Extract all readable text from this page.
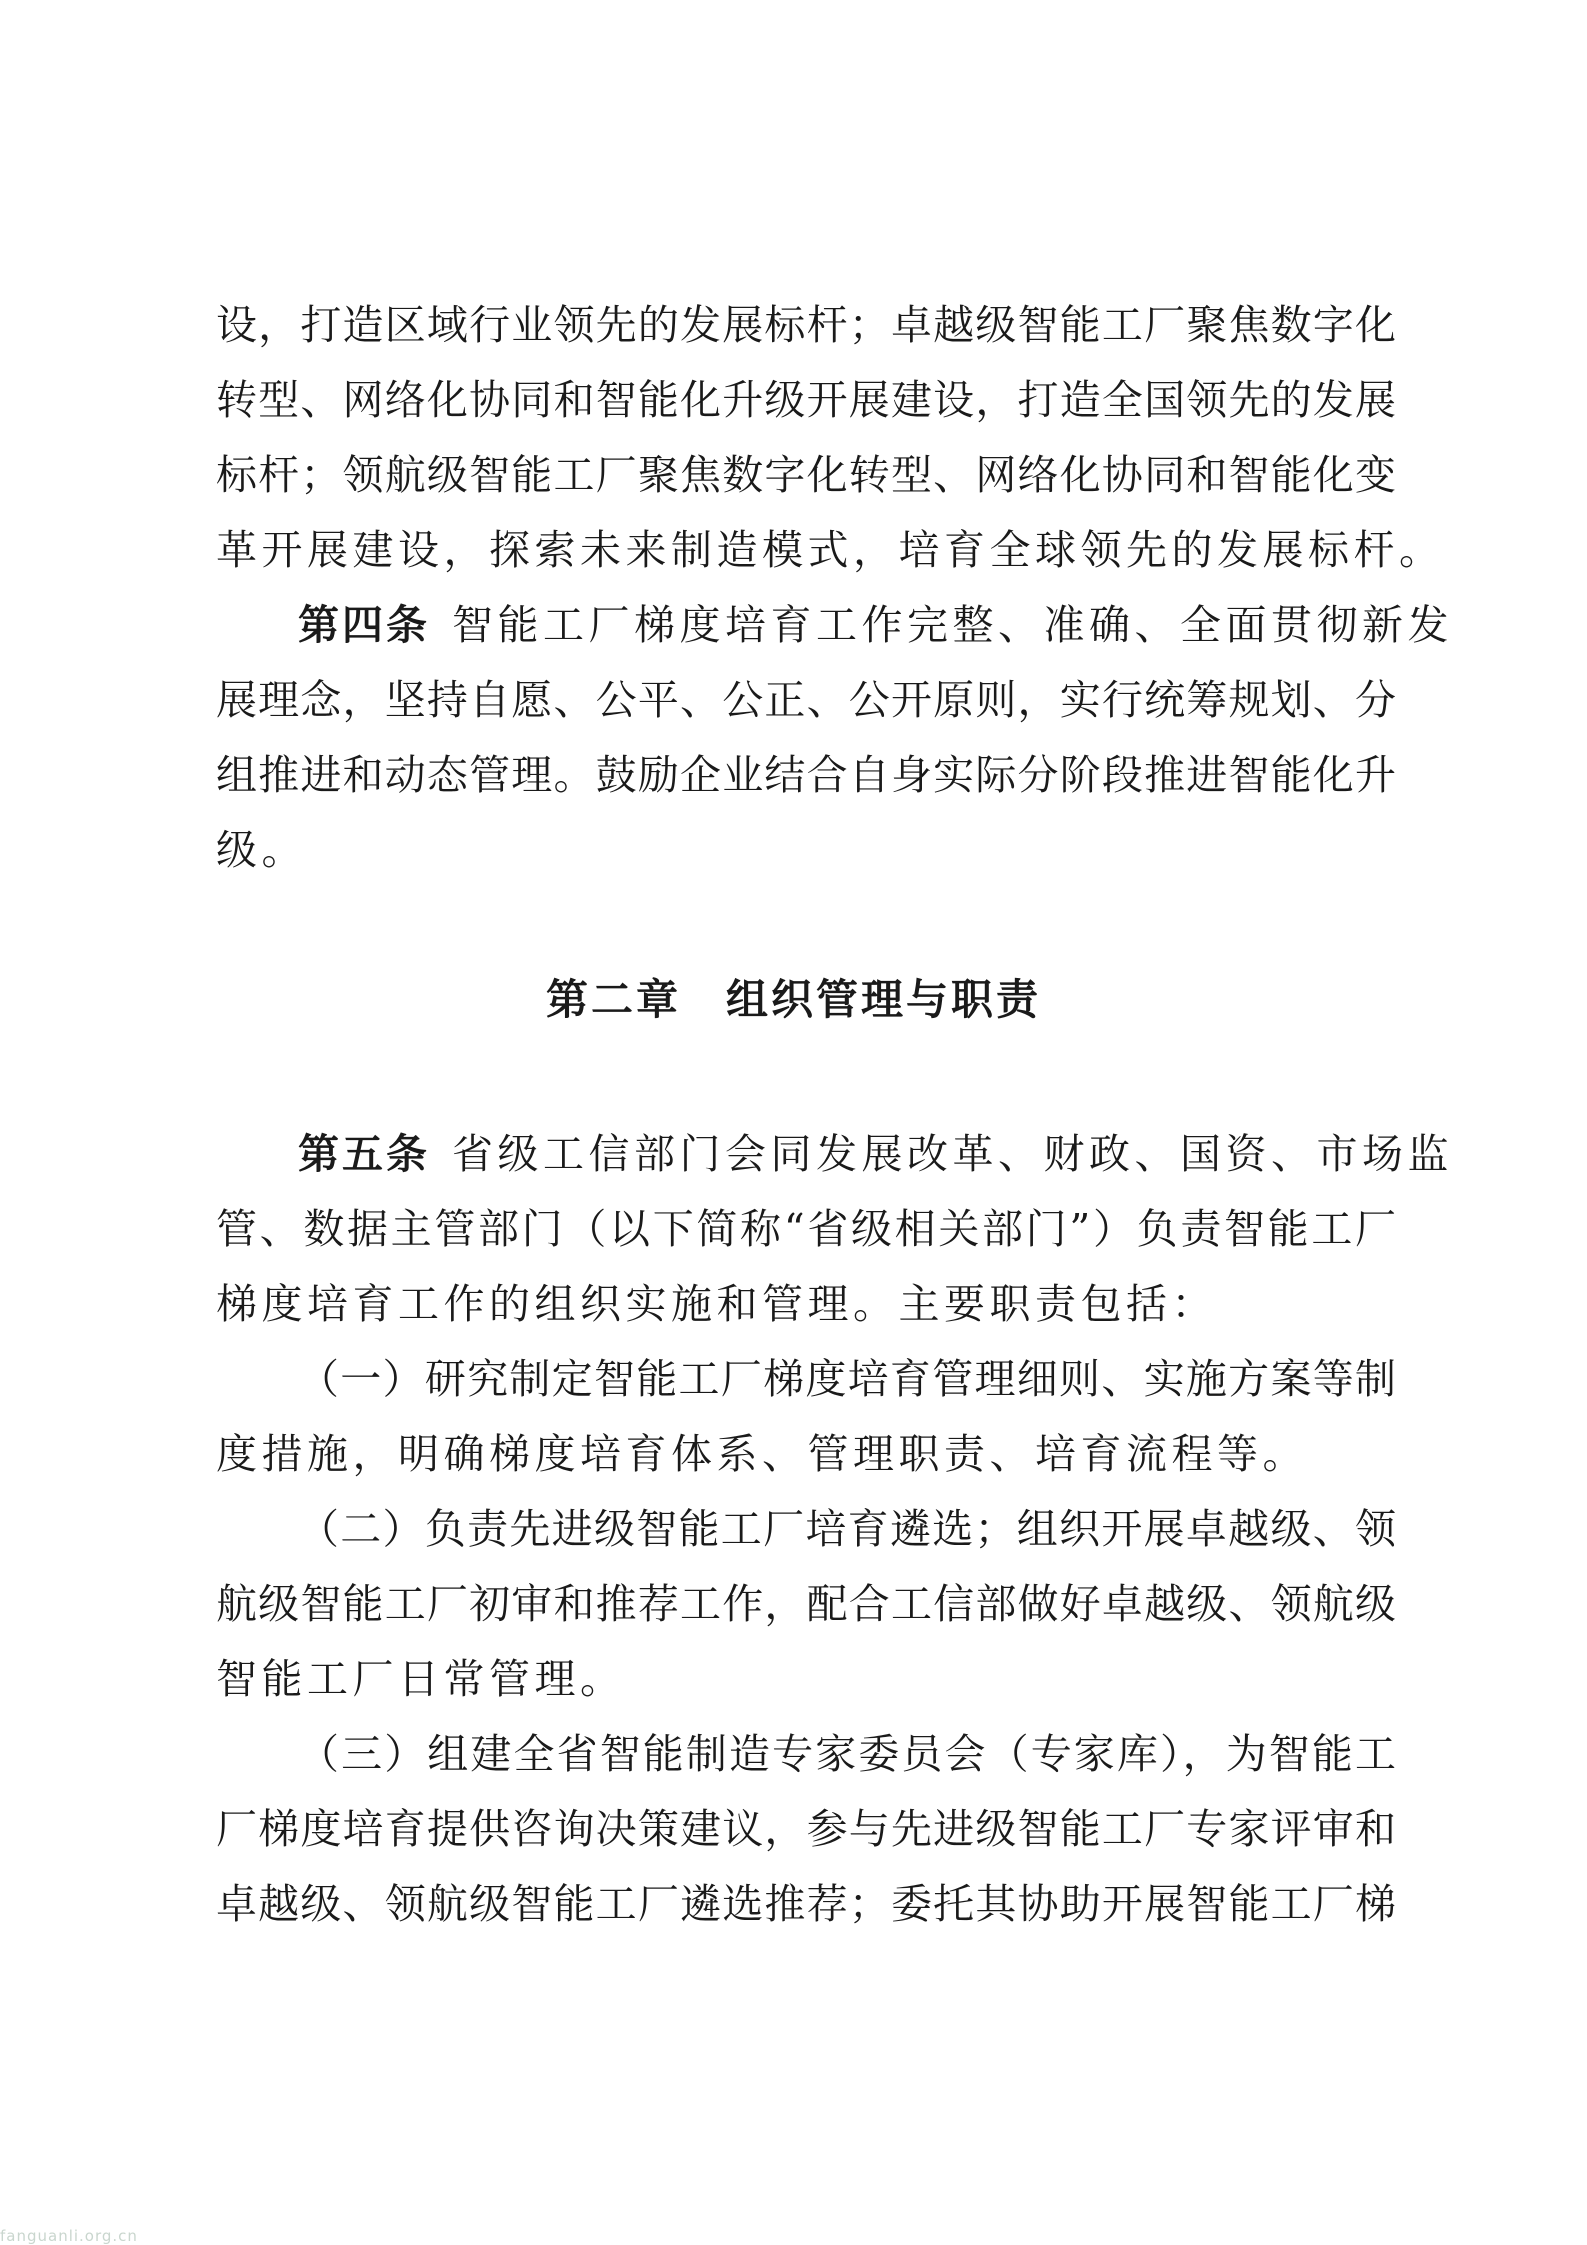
设，打造区域行业领先的发展标杆；卓越级智能工厂聚焦数字化
转型、网络化协同和智能化升级开展建设，打造全国领先的发展
标杆；领航级智能工厂聚焦数字化转型、网络化协同和智能化变
革开展建设，探索未来制造模式，培育全球领先的发展标杆。
第四条 智能工厂梯度培育工作完整、准确、全面贯彻新发
展理念，坚持自愿、公平、公正、公开原则，实行统筹规划、分
组推进和动态管理。鼓励企业结合自身实际分阶段推进智能化升
级。
第二章　组织管理与职责
第五条 省级工信部门会同发展改革、财政、国资、市场监
管、数据主管部门（以下简称“省级相关部门”）负责智能工厂
梯度培育工作的组织实施和管理。主要职责包括：
（一）研究制定智能工厂梯度培育管理细则、实施方案等制
度措施，明确梯度培育体系、管理职责、培育流程等。
（二）负责先进级智能工厂培育遴选；组织开展卓越级、领
航级智能工厂初审和推荐工作，配合工信部做好卓越级、领航级
智能工厂日常管理。
（三）组建全省智能制造专家委员会（专家库），为智能工
厂梯度培育提供咨询决策建议，参与先进级智能工厂专家评审和
卓越级、领航级智能工厂遴选推荐；委托其协助开展智能工厂梯
fanguanli.org.cn
